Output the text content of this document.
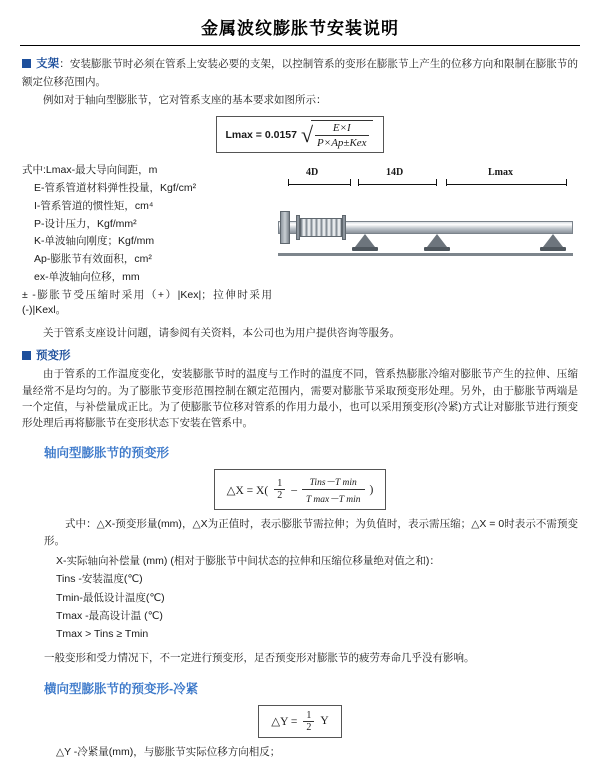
金属波纹膨胀节安装说明

支架：安装膨胀节时必须在管系上安装必要的支架，以控制管系的变形在膨胀节上产生的位移方向和限制在膨胀节的额定位移范围内。

例如对于轴向型膨胀节，它对管系支座的基本要求如图所示：

Lmax = 0.0157 √
$\frac{E\times I}{\text{P×Ap±Kex}}$

式中:Lmax-最大导向间距，m

E-管系管道材料弹性投量，Kgf/cm²

I-管系管道的惯性矩，cm⁴

P-设计压力，Kgf/mm²

K-单波轴向刚度；Kgf/mm

Ap-膨胀节有效面积，cm²

ex-单波轴向位移，mm

± -膨胀节受压缩时采用（+）|Kex|；拉伸时采用(-)|Kexl。

4D	14D	Lmax

关于管系支座设计问题，请参阅有关资料，本公司也为用户提供咨询等服务。

预变形

由于管系的工作温度变化，安装膨胀节时的温度与工作时的温度不同，管系热膨胀冷缩对膨胀节产生的拉伸、压缩量经常不是均匀的。为了膨胀节变形范围控制在额定范围内，需要对膨胀节采取预变形处理。另外，由于膨胀节两端是一个定值，与补偿量成正比。为了使膨胀节位移对管系的作用力最小，也可以采用预变形(冷紧)方式让对膨胀节进行预变形处理后再将膨胀节在变形状态下安装在管系中。

轴向型膨胀节的预变形
△X = $X( \frac{1}{2}$ –
Tins－T min
T max－T min
)

式中：△X-预变形量(mm)，△X为正值时，表示膨胀节需拉伸；为负值时，表示需压缩；△X = 0时表示不需预变形。

X-实际轴向补偿量 (mm) (相对于膨胀节中间状态的拉伸和压缩位移量绝对值之和)：
Tins -安装温度(℃)
Tmin-最低设计温度(℃)
Tmax -最高设计温 (℃)
Tmax > Tins ≥ Tmin

一般变形和受力情况下，不一定进行预变形，足否预变形对膨胀节的疲劳寿命几乎没有影响。

横向型膨胀节的预变形-冷紧
△Y = $\frac{1}{2}$ Y

△Y -冷紧量(mm)，与膨胀节实际位移方向相反；
